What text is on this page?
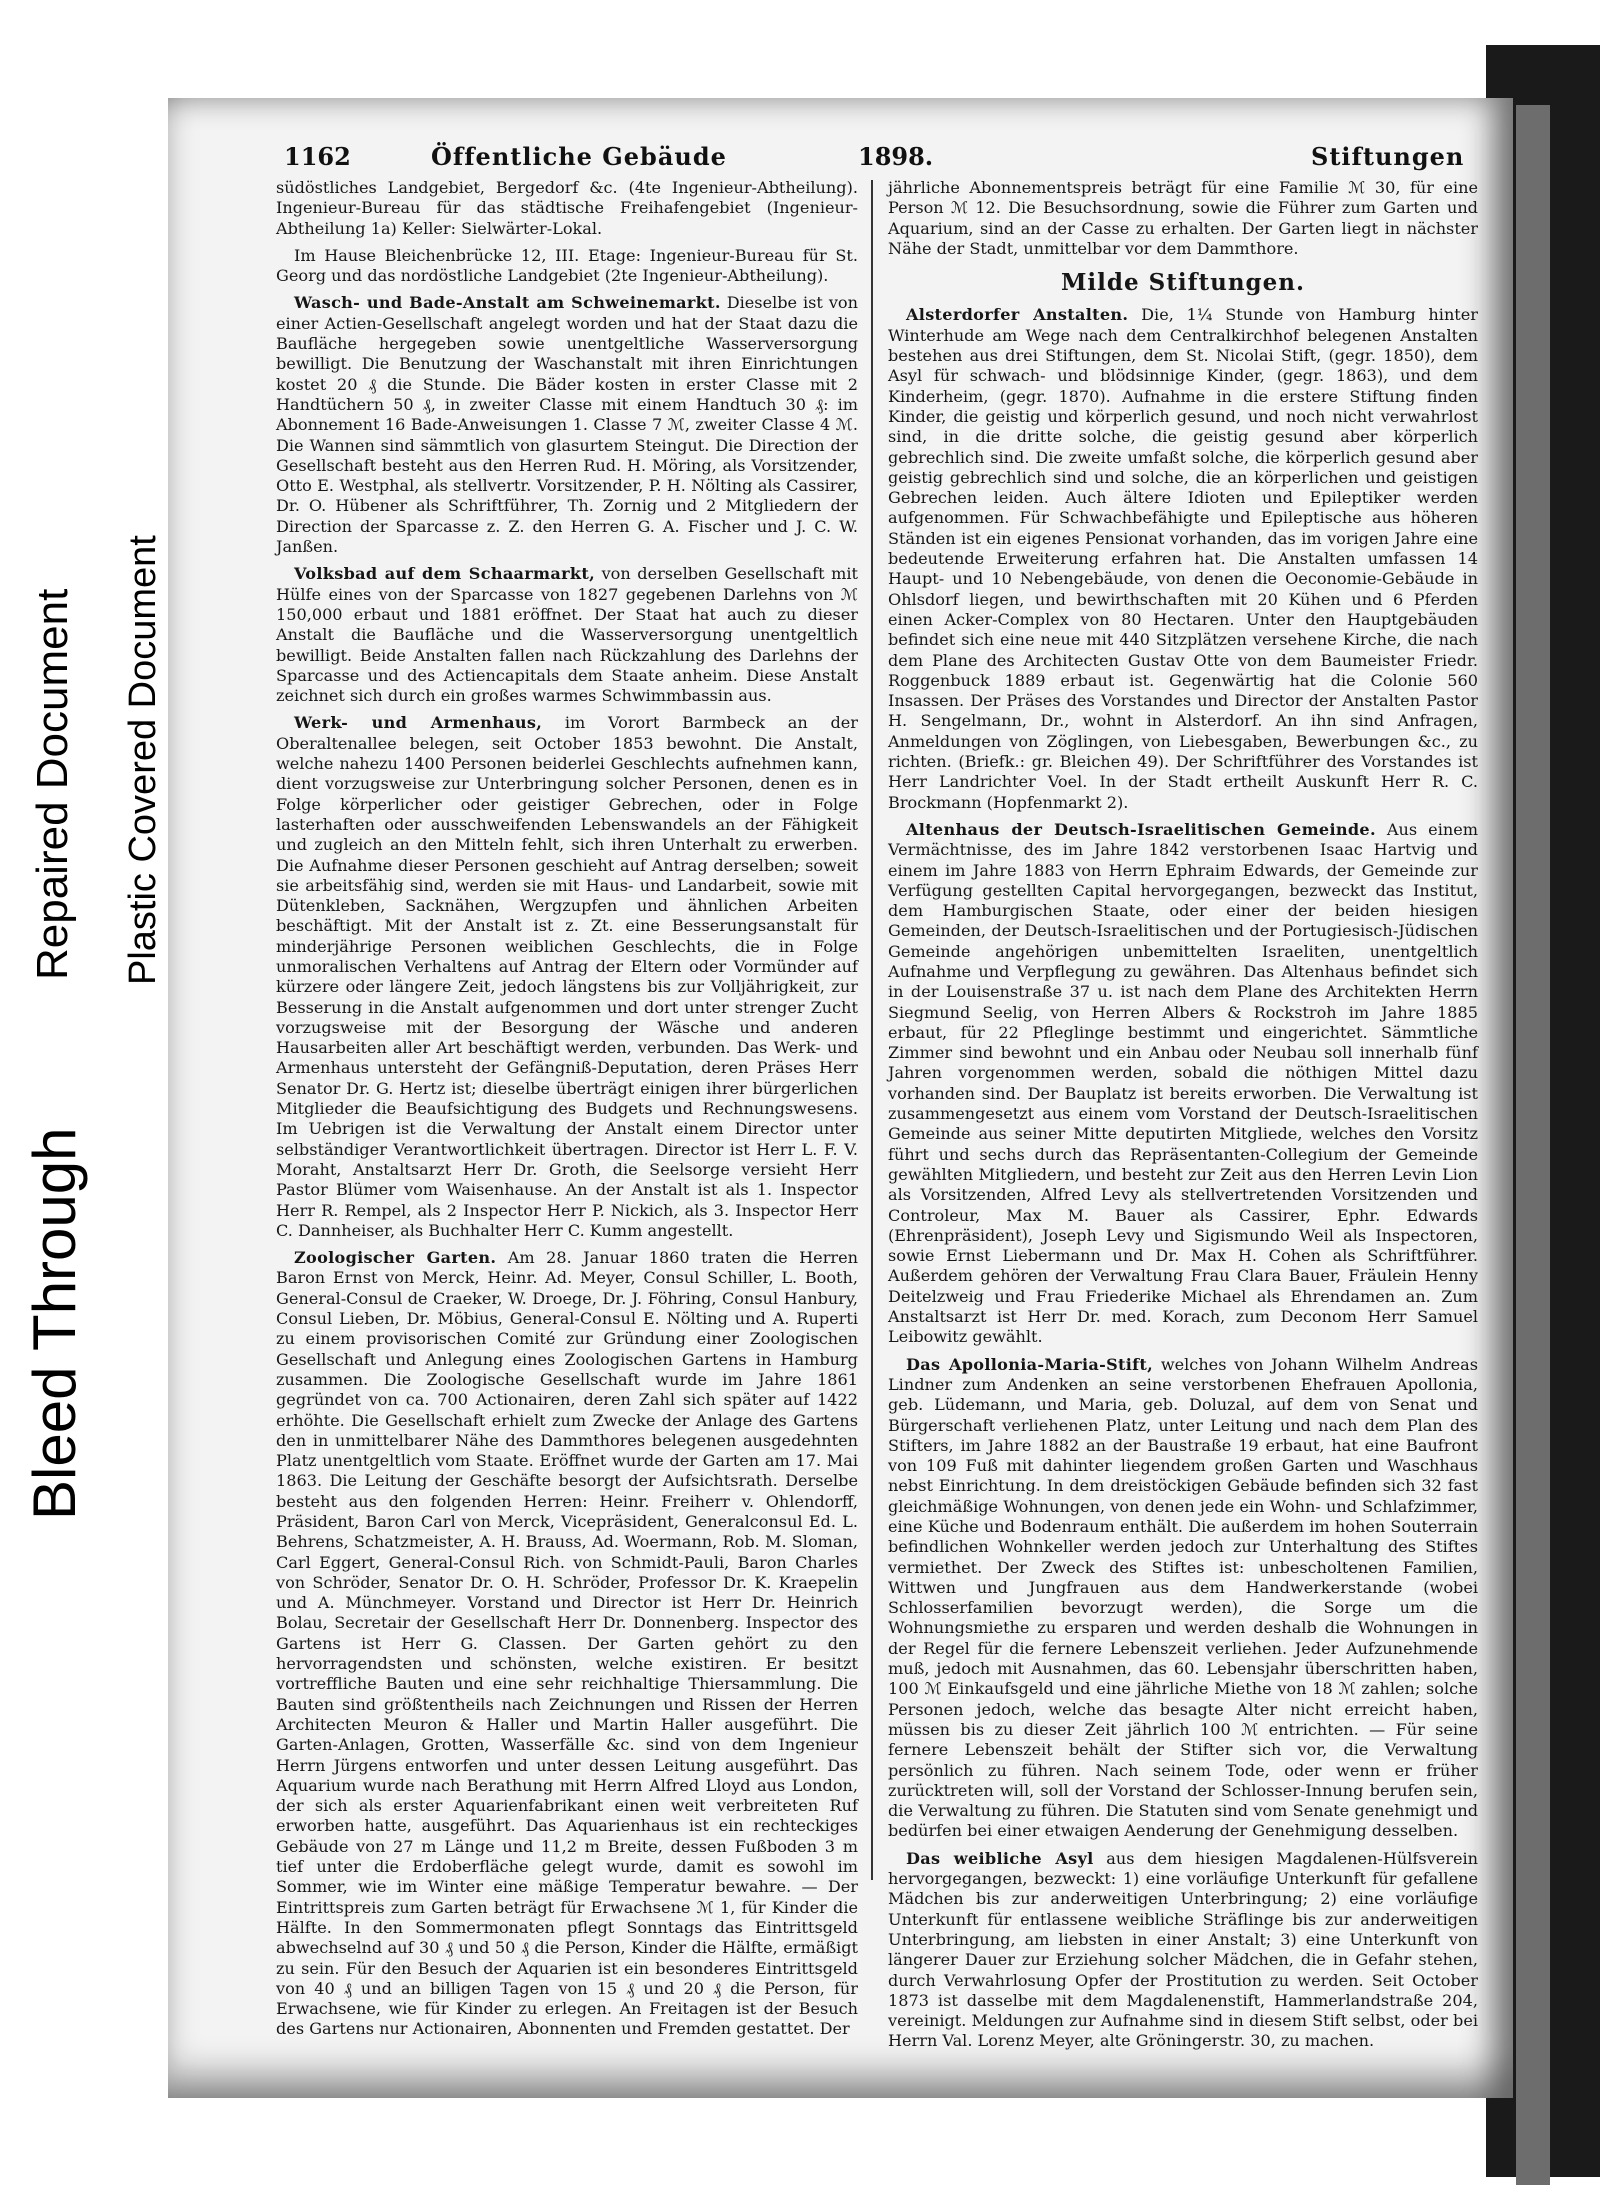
Bleed Through
Repaired Document Plastic Covered Document
1162	Öffentliche Gebäude	1898.	Stiftungen

südöstliches Landgebiet, Bergedorf &c. (4te Ingenieur-Abtheilung). Ingenieur-Bureau für das städtische Freihafengebiet (Ingenieur-Abtheilung 1a) Keller: Sielwärter-Lokal.

Im Hause Bleichenbrücke 12, III. Etage: Ingenieur-Bureau für St. Georg und das nordöstliche Landgebiet (2te Ingenieur-Abtheilung).

Wasch- und Bade-Anstalt am Schweinemarkt. Dieselbe ist von einer Actien-Gesellschaft angelegt worden und hat der Staat dazu die Baufläche hergegeben sowie unentgeltliche Wasserversorgung bewilligt. Die Benutzung der Waschanstalt mit ihren Einrichtungen kostet 20 ₰ die Stunde. Die Bäder kosten in erster Classe mit 2 Handtüchern 50 ₰, in zweiter Classe mit einem Handtuch 30 ₰: im Abonnement 16 Bade-Anweisungen 1. Classe 7 ℳ, zweiter Classe 4 ℳ. Die Wannen sind sämmtlich von glasurtem Steingut. Die Direction der Gesellschaft besteht aus den Herren Rud. H. Möring, als Vorsitzender, Otto E. Westphal, als stellvertr. Vorsitzender, P. H. Nölting als Cassirer, Dr. O. Hübener als Schriftführer, Th. Zornig und 2 Mitgliedern der Direction der Sparcasse z. Z. den Herren G. A. Fischer und J. C. W. Janßen.

Volksbad auf dem Schaarmarkt, von derselben Gesellschaft mit Hülfe eines von der Sparcasse von 1827 gegebenen Darlehns von ℳ 150,000 erbaut und 1881 eröffnet. Der Staat hat auch zu dieser Anstalt die Baufläche und die Wasserversorgung unentgeltlich bewilligt. Beide Anstalten fallen nach Rückzahlung des Darlehns der Sparcasse und des Actiencapitals dem Staate anheim. Diese Anstalt zeichnet sich durch ein großes warmes Schwimmbassin aus.

Werk- und Armenhaus, im Vorort Barmbeck an der Oberaltenallee belegen, seit October 1853 bewohnt. Die Anstalt, welche nahezu 1400 Personen beiderlei Geschlechts aufnehmen kann, dient vorzugsweise zur Unterbringung solcher Personen, denen es in Folge körperlicher oder geistiger Gebrechen, oder in Folge lasterhaften oder ausschweifenden Lebenswandels an der Fähigkeit und zugleich an den Mitteln fehlt, sich ihren Unterhalt zu erwerben. Die Aufnahme dieser Personen geschieht auf Antrag derselben; soweit sie arbeitsfähig sind, werden sie mit Haus- und Landarbeit, sowie mit Dütenkleben, Sacknähen, Wergzupfen und ähnlichen Arbeiten beschäftigt. Mit der Anstalt ist z. Zt. eine Besserungsanstalt für minderjährige Personen weiblichen Geschlechts, die in Folge unmoralischen Verhaltens auf Antrag der Eltern oder Vormünder auf kürzere oder längere Zeit, jedoch längstens bis zur Volljährigkeit, zur Besserung in die Anstalt aufgenommen und dort unter strenger Zucht vorzugsweise mit der Besorgung der Wäsche und anderen Hausarbeiten aller Art beschäftigt werden, verbunden. Das Werk- und Armenhaus untersteht der Gefängniß-Deputation, deren Präses Herr Senator Dr. G. Hertz ist; dieselbe überträgt einigen ihrer bürgerlichen Mitglieder die Beaufsichtigung des Budgets und Rechnungswesens. Im Uebrigen ist die Verwaltung der Anstalt einem Director unter selbständiger Verantwortlichkeit übertragen. Director ist Herr L. F. V. Moraht, Anstaltsarzt Herr Dr. Groth, die Seelsorge versieht Herr Pastor Blümer vom Waisenhause. An der Anstalt ist als 1. Inspector Herr R. Rempel, als 2 Inspector Herr P. Nickich, als 3. Inspector Herr C. Dannheiser, als Buchhalter Herr C. Kumm angestellt.

Zoologischer Garten. Am 28. Januar 1860 traten die Herren Baron Ernst von Merck, Heinr. Ad. Meyer, Consul Schiller, L. Booth, General-Consul de Craeker, W. Droege, Dr. J. Föhring, Consul Hanbury, Consul Lieben, Dr. Möbius, General-Consul E. Nölting und A. Ruperti zu einem provisorischen Comité zur Gründung einer Zoologischen Gesellschaft und Anlegung eines Zoologischen Gartens in Hamburg zusammen. Die Zoologische Gesellschaft wurde im Jahre 1861 gegründet von ca. 700 Actionairen, deren Zahl sich später auf 1422 erhöhte. Die Gesellschaft erhielt zum Zwecke der Anlage des Gartens den in unmittelbarer Nähe des Dammthores belegenen ausgedehnten Platz unentgeltlich vom Staate. Eröffnet wurde der Garten am 17. Mai 1863. Die Leitung der Geschäfte besorgt der Aufsichtsrath. Derselbe besteht aus den folgenden Herren: Heinr. Freiherr v. Ohlendorff, Präsident, Baron Carl von Merck, Vicepräsident, Generalconsul Ed. L. Behrens, Schatzmeister, A. H. Brauss, Ad. Woermann, Rob. M. Sloman, Carl Eggert, General-Consul Rich. von Schmidt-Pauli, Baron Charles von Schröder, Senator Dr. O. H. Schröder, Professor Dr. K. Kraepelin und A. Münchmeyer. Vorstand und Director ist Herr Dr. Heinrich Bolau, Secretair der Gesellschaft Herr Dr. Donnenberg. Inspector des Gartens ist Herr G. Classen. Der Garten gehört zu den hervorragendsten und schönsten, welche existiren. Er besitzt vortreffliche Bauten und eine sehr reichhaltige Thiersammlung. Die Bauten sind größtentheils nach Zeichnungen und Rissen der Herren Architecten Meuron & Haller und Martin Haller ausgeführt. Die Garten-Anlagen, Grotten, Wasserfälle &c. sind von dem Ingenieur Herrn Jürgens entworfen und unter dessen Leitung ausgeführt. Das Aquarium wurde nach Berathung mit Herrn Alfred Lloyd aus London, der sich als erster Aquarienfabrikant einen weit verbreiteten Ruf erworben hatte, ausgeführt. Das Aquarienhaus ist ein rechteckiges Gebäude von 27 m Länge und 11,2 m Breite, dessen Fußboden 3 m tief unter die Erdoberfläche gelegt wurde, damit es sowohl im Sommer, wie im Winter eine mäßige Temperatur bewahre. — Der Eintrittspreis zum Garten beträgt für Erwachsene ℳ 1, für Kinder die Hälfte. In den Sommermonaten pflegt Sonntags das Eintrittsgeld abwechselnd auf 30 ₰ und 50 ₰ die Person, Kinder die Hälfte, ermäßigt zu sein. Für den Besuch der Aquarien ist ein besonderes Eintrittsgeld von 40 ₰ und an billigen Tagen von 15 ₰ und 20 ₰ die Person, für Erwachsene, wie für Kinder zu erlegen. An Freitagen ist der Besuch des Gartens nur Actionairen, Abonnenten und Fremden gestattet. Der

jährliche Abonnementspreis beträgt für eine Familie ℳ 30, für eine Person ℳ 12. Die Besuchsordnung, sowie die Führer zum Garten und Aquarium, sind an der Casse zu erhalten. Der Garten liegt in nächster Nähe der Stadt, unmittelbar vor dem Dammthore.

Milde Stiftungen.

Alsterdorfer Anstalten. Die, 1¼ Stunde von Hamburg hinter Winterhude am Wege nach dem Centralkirchhof belegenen Anstalten bestehen aus drei Stiftungen, dem St. Nicolai Stift, (gegr. 1850), dem Asyl für schwach- und blödsinnige Kinder, (gegr. 1863), und dem Kinderheim, (gegr. 1870). Aufnahme in die erstere Stiftung finden Kinder, die geistig und körperlich gesund, und noch nicht verwahrlost sind, in die dritte solche, die geistig gesund aber körperlich gebrechlich sind. Die zweite umfaßt solche, die körperlich gesund aber geistig gebrechlich sind und solche, die an körperlichen und geistigen Gebrechen leiden. Auch ältere Idioten und Epileptiker werden aufgenommen. Für Schwachbefähigte und Epileptische aus höheren Ständen ist ein eigenes Pensionat vorhanden, das im vorigen Jahre eine bedeutende Erweiterung erfahren hat. Die Anstalten umfassen 14 Haupt- und 10 Nebengebäude, von denen die Oeconomie-Gebäude in Ohlsdorf liegen, und bewirthschaften mit 20 Kühen und 6 Pferden einen Acker-Complex von 80 Hectaren. Unter den Hauptgebäuden befindet sich eine neue mit 440 Sitzplätzen versehene Kirche, die nach dem Plane des Architecten Gustav Otte von dem Baumeister Friedr. Roggenbuck 1889 erbaut ist. Gegenwärtig hat die Colonie 560 Insassen. Der Präses des Vorstandes und Director der Anstalten Pastor H. Sengelmann, Dr., wohnt in Alsterdorf. An ihn sind Anfragen, Anmeldungen von Zöglingen, von Liebesgaben, Bewerbungen &c., zu richten. (Briefk.: gr. Bleichen 49). Der Schriftführer des Vorstandes ist Herr Landrichter Voel. In der Stadt ertheilt Auskunft Herr R. C. Brockmann (Hopfenmarkt 2).

Altenhaus der Deutsch-Israelitischen Gemeinde. Aus einem Vermächtnisse, des im Jahre 1842 verstorbenen Isaac Hartvig und einem im Jahre 1883 von Herrn Ephraim Edwards, der Gemeinde zur Verfügung gestellten Capital hervorgegangen, bezweckt das Institut, dem Hamburgischen Staate, oder einer der beiden hiesigen Gemeinden, der Deutsch-Israelitischen und der Portugiesisch-Jüdischen Gemeinde angehörigen unbemittelten Israeliten, unentgeltlich Aufnahme und Verpflegung zu gewähren. Das Altenhaus befindet sich in der Louisenstraße 37 u. ist nach dem Plane des Architekten Herrn Siegmund Seelig, von Herren Albers & Rockstroh im Jahre 1885 erbaut, für 22 Pfleglinge bestimmt und eingerichtet. Sämmtliche Zimmer sind bewohnt und ein Anbau oder Neubau soll innerhalb fünf Jahren vorgenommen werden, sobald die nöthigen Mittel dazu vorhanden sind. Der Bauplatz ist bereits erworben. Die Verwaltung ist zusammengesetzt aus einem vom Vorstand der Deutsch-Israelitischen Gemeinde aus seiner Mitte deputirten Mitgliede, welches den Vorsitz führt und sechs durch das Repräsentanten-Collegium der Gemeinde gewählten Mitgliedern, und besteht zur Zeit aus den Herren Levin Lion als Vorsitzenden, Alfred Levy als stellvertretenden Vorsitzenden und Controleur, Max M. Bauer als Cassirer, Ephr. Edwards (Ehrenpräsident), Joseph Levy und Sigismundo Weil als Inspectoren, sowie Ernst Liebermann und Dr. Max H. Cohen als Schriftführer. Außerdem gehören der Verwaltung Frau Clara Bauer, Fräulein Henny Deitelzweig und Frau Friederike Michael als Ehrendamen an. Zum Anstaltsarzt ist Herr Dr. med. Korach, zum Deconom Herr Samuel Leibowitz gewählt.

Das Apollonia-Maria-Stift, welches von Johann Wilhelm Andreas Lindner zum Andenken an seine verstorbenen Ehefrauen Apollonia, geb. Lüdemann, und Maria, geb. Doluzal, auf dem von Senat und Bürgerschaft verliehenen Platz, unter Leitung und nach dem Plan des Stifters, im Jahre 1882 an der Baustraße 19 erbaut, hat eine Baufront von 109 Fuß mit dahinter liegendem großen Garten und Waschhaus nebst Einrichtung. In dem dreistöckigen Gebäude befinden sich 32 fast gleichmäßige Wohnungen, von denen jede ein Wohn- und Schlafzimmer, eine Küche und Bodenraum enthält. Die außerdem im hohen Souterrain befindlichen Wohnkeller werden jedoch zur Unterhaltung des Stiftes vermiethet. Der Zweck des Stiftes ist: unbescholtenen Familien, Wittwen und Jungfrauen aus dem Handwerkerstande (wobei Schlosserfamilien bevorzugt werden), die Sorge um die Wohnungsmiethe zu ersparen und werden deshalb die Wohnungen in der Regel für die fernere Lebenszeit verliehen. Jeder Aufzunehmende muß, jedoch mit Ausnahmen, das 60. Lebensjahr überschritten haben, 100 ℳ Einkaufsgeld und eine jährliche Miethe von 18 ℳ zahlen; solche Personen jedoch, welche das besagte Alter nicht erreicht haben, müssen bis zu dieser Zeit jährlich 100 ℳ entrichten. — Für seine fernere Lebenszeit behält der Stifter sich vor, die Verwaltung persönlich zu führen. Nach seinem Tode, oder wenn er früher zurücktreten will, soll der Vorstand der Schlosser-Innung berufen sein, die Verwaltung zu führen. Die Statuten sind vom Senate genehmigt und bedürfen bei einer etwaigen Aenderung der Genehmigung desselben.

Das weibliche Asyl aus dem hiesigen Magdalenen-Hülfsverein hervorgegangen, bezweckt: 1) eine vorläufige Unterkunft für gefallene Mädchen bis zur anderweitigen Unterbringung; 2) eine vorläufige Unterkunft für entlassene weibliche Sträflinge bis zur anderweitigen Unterbringung, am liebsten in einer Anstalt; 3) eine Unterkunft von längerer Dauer zur Erziehung solcher Mädchen, die in Gefahr stehen, durch Verwahrlosung Opfer der Prostitution zu werden. Seit October 1873 ist dasselbe mit dem Magdalenenstift, Hammerlandstraße 204, vereinigt. Meldungen zur Aufnahme sind in diesem Stift selbst, oder bei Herrn Val. Lorenz Meyer, alte Gröningerstr. 30, zu machen.
